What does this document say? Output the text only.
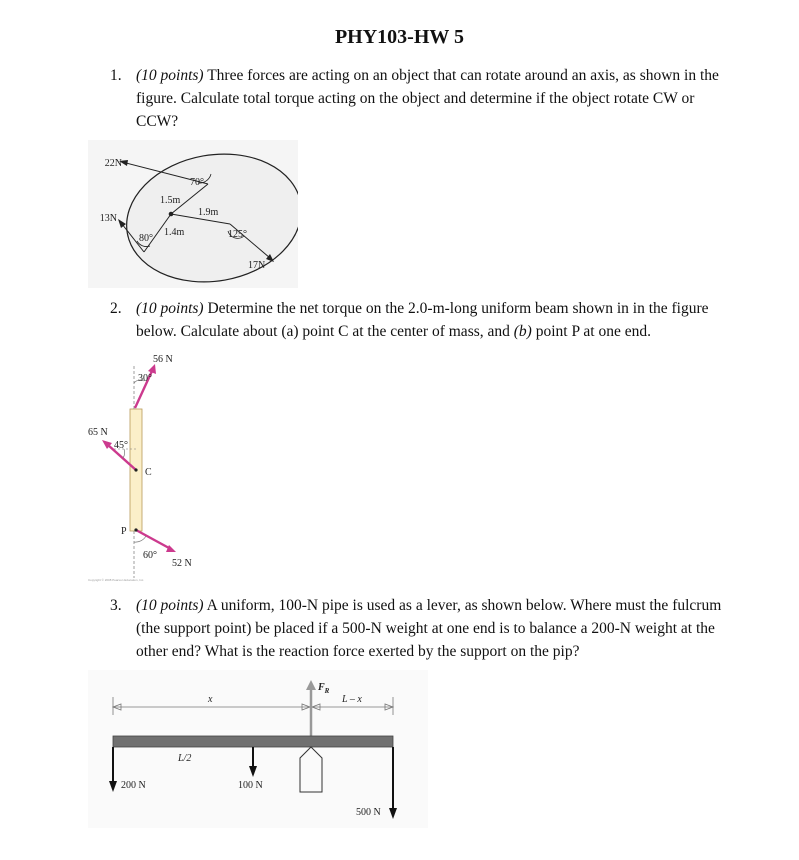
PHY103-HW 5
1. (10 points) Three forces are acting on an object that can rotate around an axis, as shown in the figure. Calculate total torque acting on the object and determine if the object rotate CW or CCW?
22N
13N
17N
1.5m
1.9m
1.4m
70°
80°	125°
2. (10 points) Determine the net torque on the 2.0-m-long uniform beam shown in in the figure below. Calculate about (a) point C at the center of mass, and (b) point P at one end.
56 N
65 N
52 N
30°
45°
60°
C
P
Copyright © 2008 Pearson Education, Inc.
3. (10 points) A uniform, 100-N pipe is used as a lever, as shown below. Where must the fulcrum (the support point) be placed if a 500-N weight at one end is to balance a 200-N weight at the other end? What is the reaction force exerted by the support on the pip?
$F_R$
x	L – x
L/2
200 N	100 N
500 N
